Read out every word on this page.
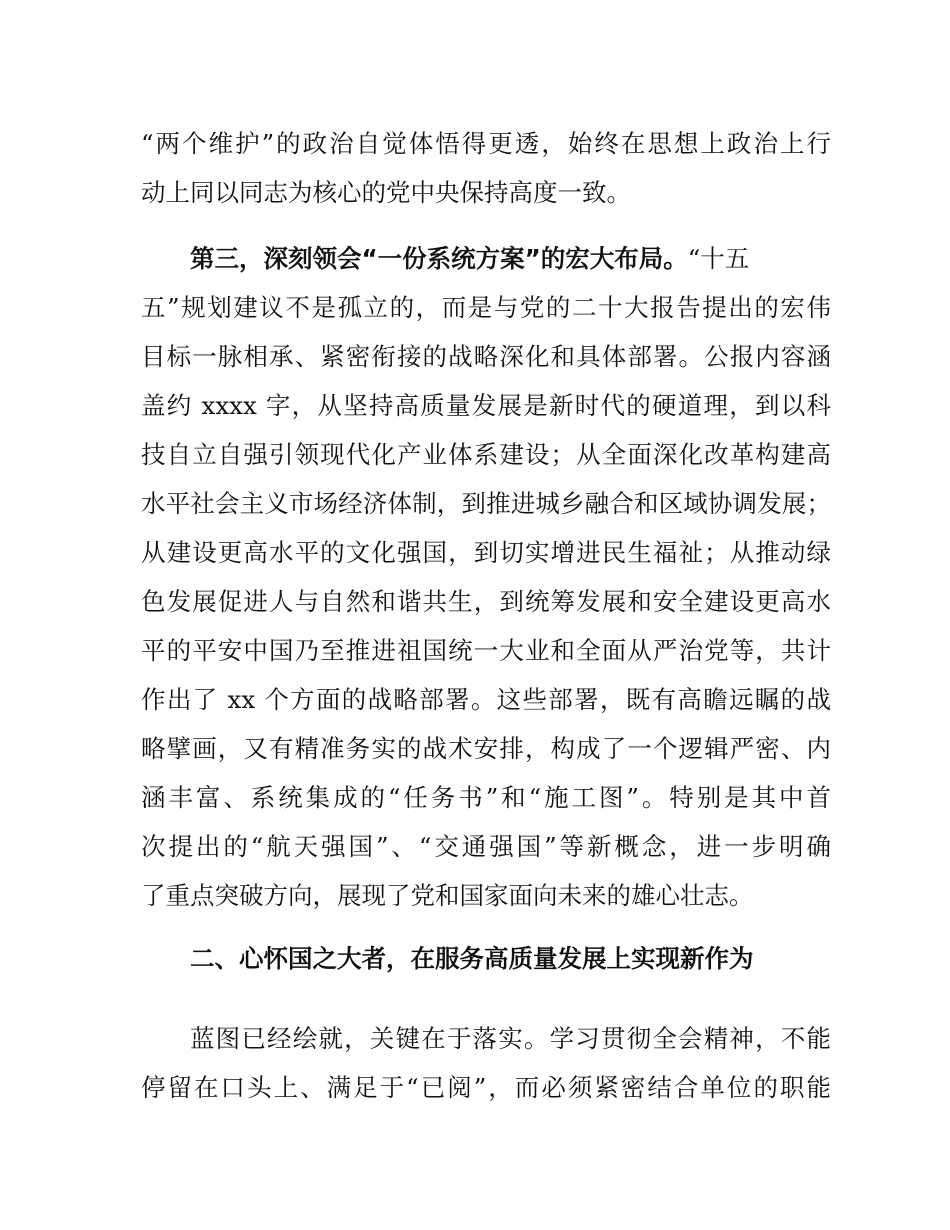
“两个维护”的政治自觉体悟得更透，始终在思想上政治上行
动上同以同志为核心的党中央保持高度一致。
第三，深刻领会“一份系统方案”的宏大布局。“十五
五”规划建议不是孤立的，而是与党的二十大报告提出的宏伟
目标一脉相承、紧密衔接的战略深化和具体部署。公报内容涵
盖约 xxxx 字，从坚持高质量发展是新时代的硬道理，到以科
技自立自强引领现代化产业体系建设；从全面深化改革构建高
水平社会主义市场经济体制，到推进城乡融合和区域协调发展；
从建设更高水平的文化强国，到切实增进民生福祉；从推动绿
色发展促进人与自然和谐共生，到统筹发展和安全建设更高水
平的平安中国乃至推进祖国统一大业和全面从严治党等，共计
作出了 xx 个方面的战略部署。这些部署，既有高瞻远瞩的战
略擘画，又有精准务实的战术安排，构成了一个逻辑严密、内
涵丰富、系统集成的“任务书”和“施工图”。特别是其中首
次提出的“航天强国”、“交通强国”等新概念，进一步明确
了重点突破方向，展现了党和国家面向未来的雄心壮志。
二、心怀国之大者，在服务高质量发展上实现新作为
蓝图已经绘就，关键在于落实。学习贯彻全会精神，不能
停留在口头上、满足于“已阅”，而必须紧密结合单位的职能
